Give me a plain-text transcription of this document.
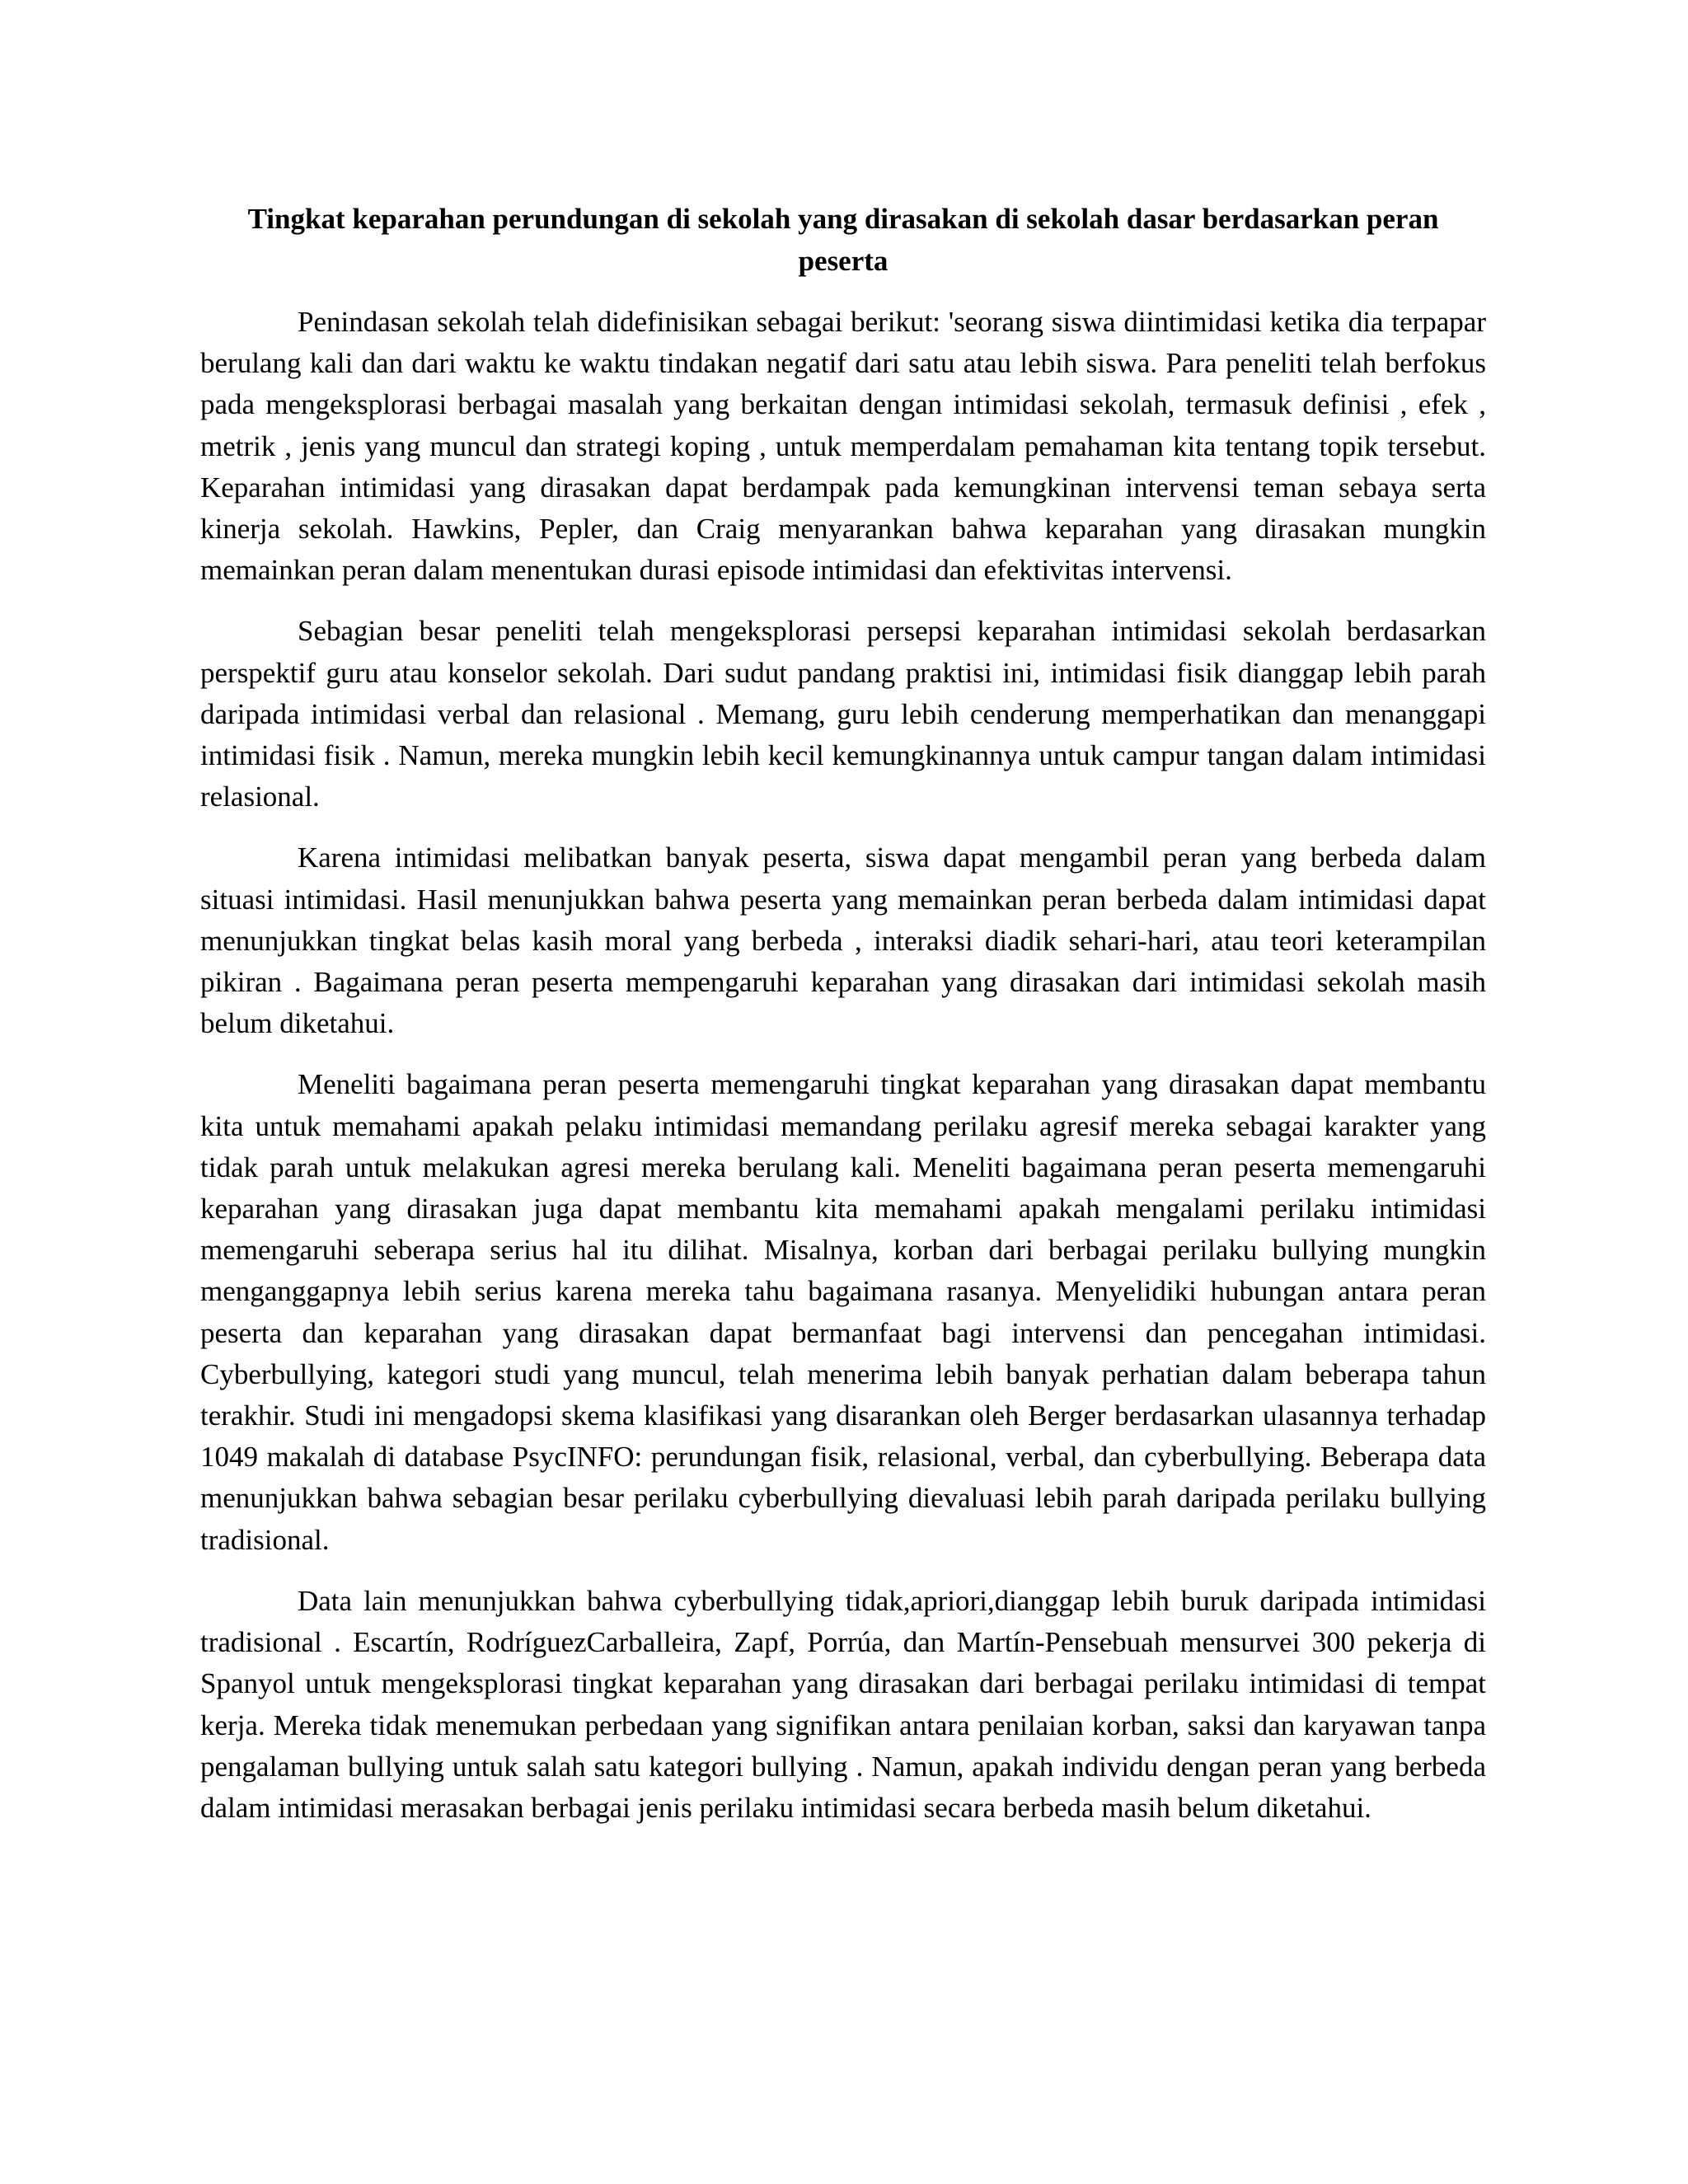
Tingkat keparahan perundungan di sekolah yang dirasakan di sekolah dasar berdasarkan peran peserta

Penindasan sekolah telah didefinisikan sebagai berikut: 'seorang siswa diintimidasi ketika dia terpapar berulang kali dan dari waktu ke waktu tindakan negatif dari satu atau lebih siswa. Para peneliti telah berfokus pada mengeksplorasi berbagai masalah yang berkaitan dengan intimidasi sekolah, termasuk definisi , efek , metrik , jenis yang muncul dan strategi koping , untuk memperdalam pemahaman kita tentang topik tersebut. Keparahan intimidasi yang dirasakan dapat berdampak pada kemungkinan intervensi teman sebaya serta kinerja sekolah. Hawkins, Pepler, dan Craig menyarankan bahwa keparahan yang dirasakan mungkin memainkan peran dalam menentukan durasi episode intimidasi dan efektivitas intervensi.

Sebagian besar peneliti telah mengeksplorasi persepsi keparahan intimidasi sekolah berdasarkan perspektif guru atau konselor sekolah. Dari sudut pandang praktisi ini, intimidasi fisik dianggap lebih parah daripada intimidasi verbal dan relasional . Memang, guru lebih cenderung memperhatikan dan menanggapi intimidasi fisik . Namun, mereka mungkin lebih kecil kemungkinannya untuk campur tangan dalam intimidasi relasional.

Karena intimidasi melibatkan banyak peserta, siswa dapat mengambil peran yang berbeda dalam situasi intimidasi. Hasil menunjukkan bahwa peserta yang memainkan peran berbeda dalam intimidasi dapat menunjukkan tingkat belas kasih moral yang berbeda , interaksi diadik sehari-hari, atau teori keterampilan pikiran . Bagaimana peran peserta mempengaruhi keparahan yang dirasakan dari intimidasi sekolah masih belum diketahui.

Meneliti bagaimana peran peserta memengaruhi tingkat keparahan yang dirasakan dapat membantu kita untuk memahami apakah pelaku intimidasi memandang perilaku agresif mereka sebagai karakter yang tidak parah untuk melakukan agresi mereka berulang kali. Meneliti bagaimana peran peserta memengaruhi keparahan yang dirasakan juga dapat membantu kita memahami apakah mengalami perilaku intimidasi memengaruhi seberapa serius hal itu dilihat. Misalnya, korban dari berbagai perilaku bullying mungkin menganggapnya lebih serius karena mereka tahu bagaimana rasanya. Menyelidiki hubungan antara peran peserta dan keparahan yang dirasakan dapat bermanfaat bagi intervensi dan pencegahan intimidasi. Cyberbullying, kategori studi yang muncul, telah menerima lebih banyak perhatian dalam beberapa tahun terakhir. Studi ini mengadopsi skema klasifikasi yang disarankan oleh Berger berdasarkan ulasannya terhadap 1049 makalah di database PsycINFO: perundungan fisik, relasional, verbal, dan cyberbullying. Beberapa data menunjukkan bahwa sebagian besar perilaku cyberbullying dievaluasi lebih parah daripada perilaku bullying tradisional.

Data lain menunjukkan bahwa cyberbullying tidak,apriori,dianggap lebih buruk daripada intimidasi tradisional . Escartín, RodríguezCarballeira, Zapf, Porrúa, dan Martín-Pensebuah mensurvei 300 pekerja di Spanyol untuk mengeksplorasi tingkat keparahan yang dirasakan dari berbagai perilaku intimidasi di tempat kerja. Mereka tidak menemukan perbedaan yang signifikan antara penilaian korban, saksi dan karyawan tanpa pengalaman bullying untuk salah satu kategori bullying . Namun, apakah individu dengan peran yang berbeda dalam intimidasi merasakan berbagai jenis perilaku intimidasi secara berbeda masih belum diketahui.
